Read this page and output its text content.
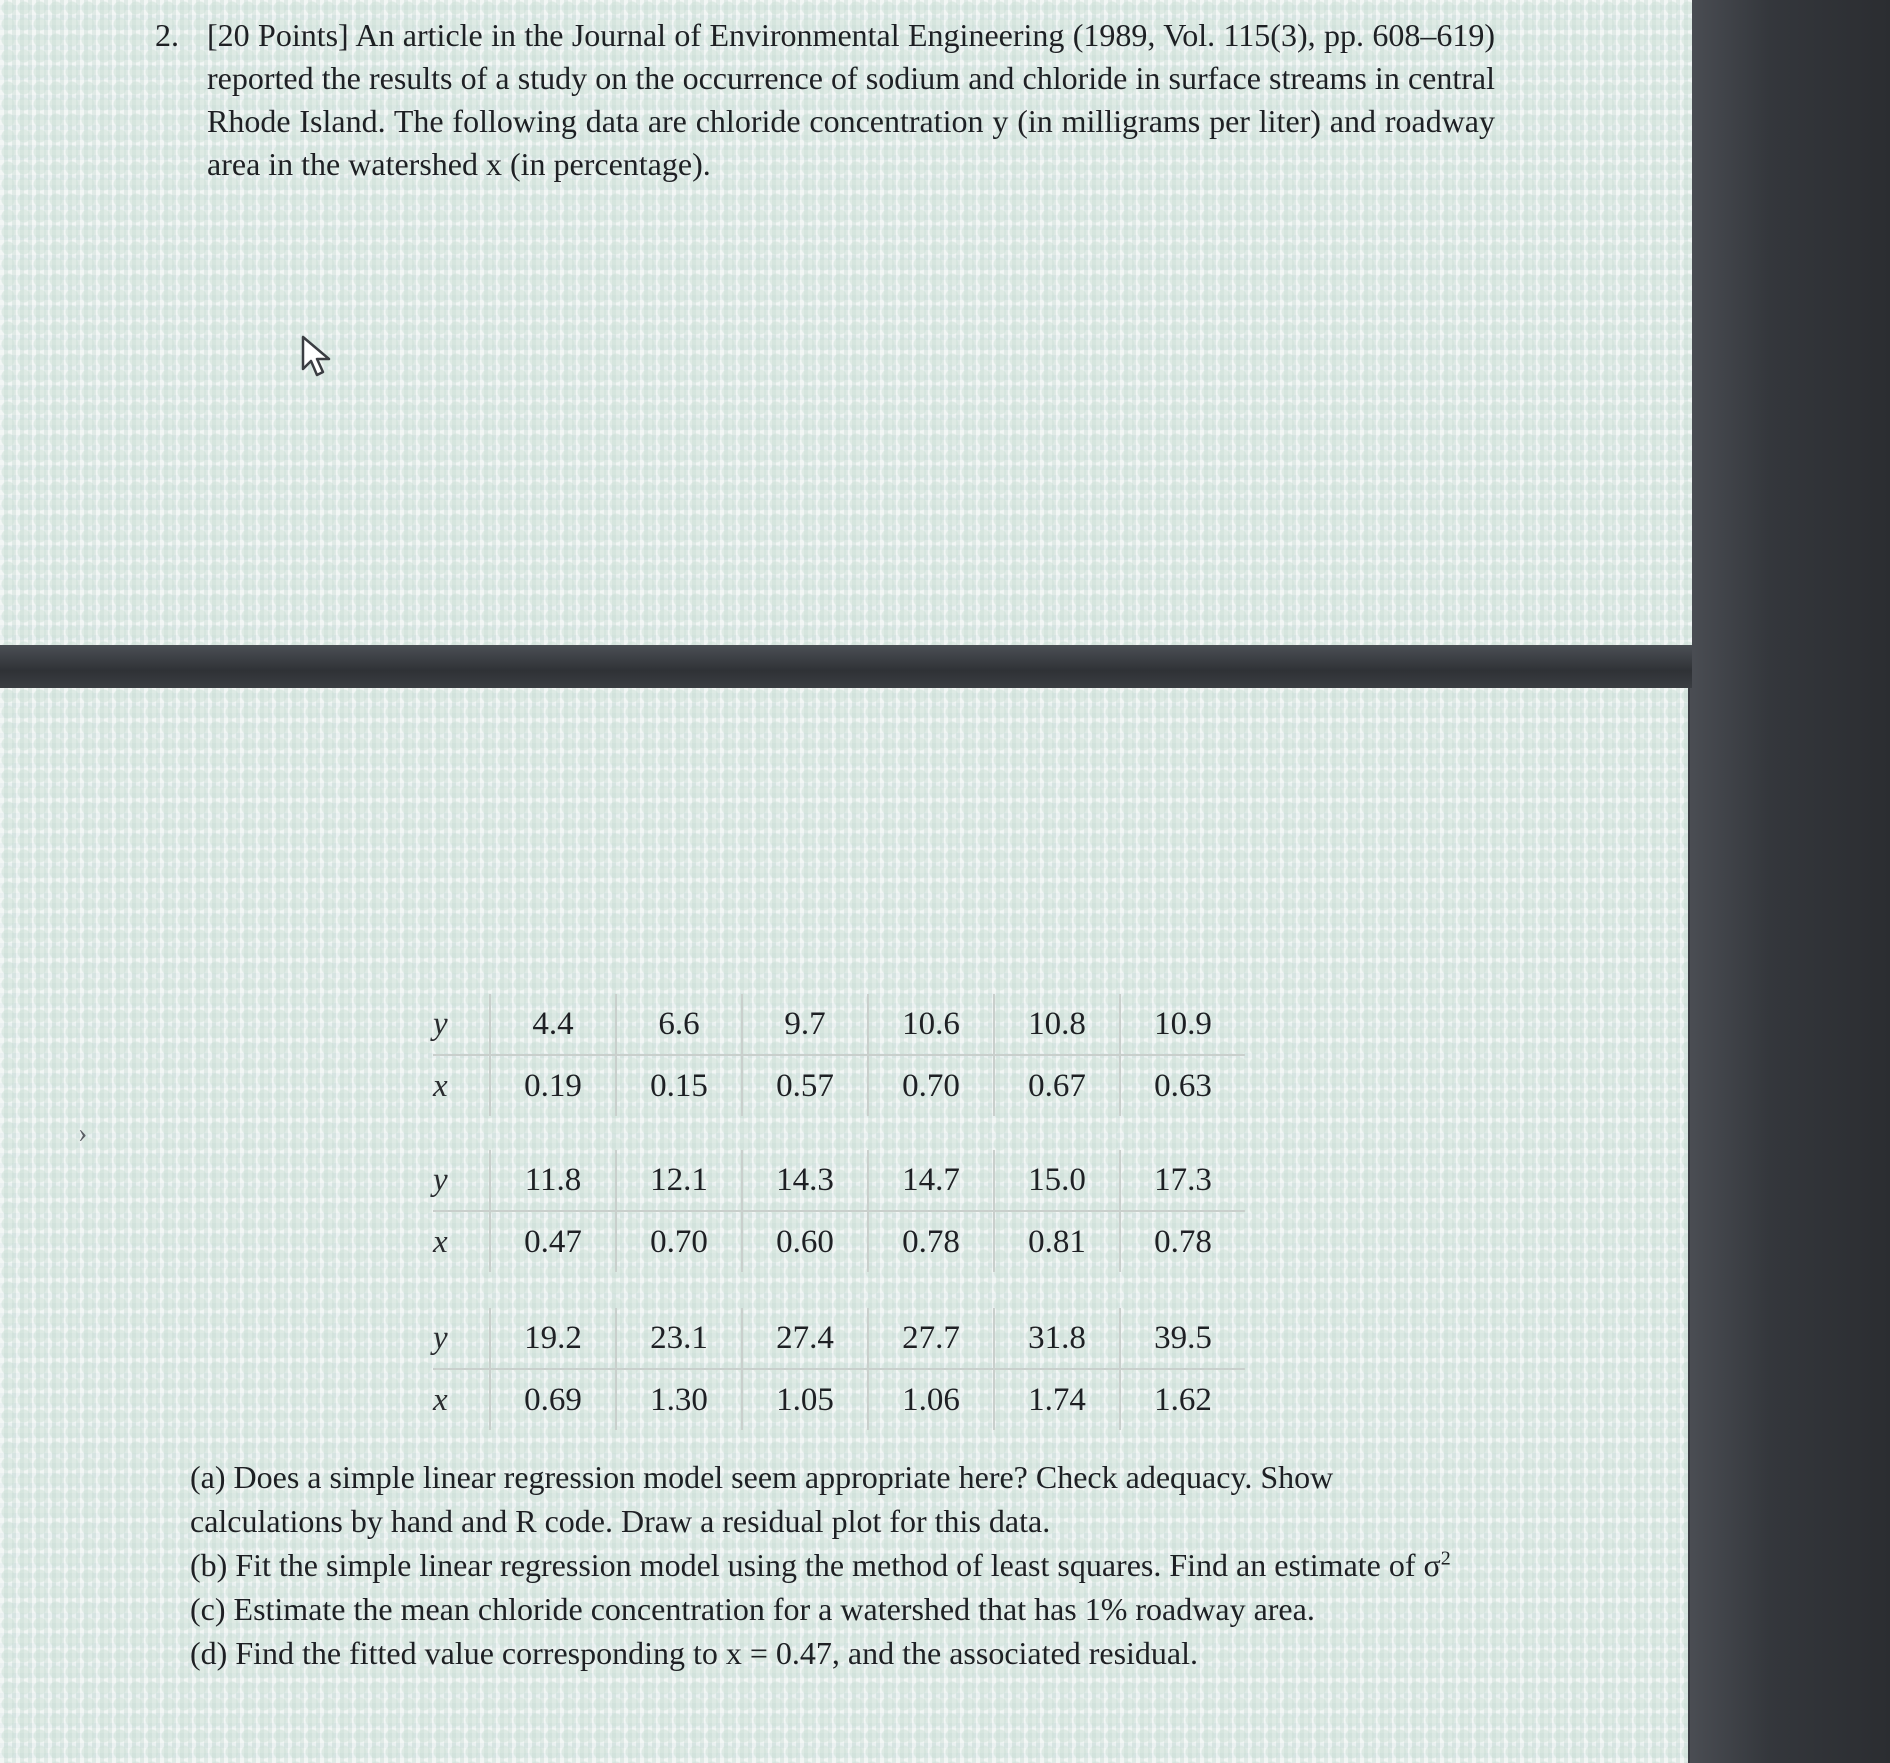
2. [20 Points] An article in the Journal of Environmental Engineering (1989, Vol. 115(3), pp. 608–619) reported the results of a study on the occurrence of sodium and chloride in surface streams in central Rhode Island. The following data are chloride concentration y (in milligrams per liter) and roadway area in the watershed x (in percentage).
›
y	4.4	6.6	9.7	10.6	10.8	10.9
x	0.19	0.15	0.57	0.70	0.67	0.63
y	11.8	12.1	14.3	14.7	15.0	17.3
x	0.47	0.70	0.60	0.78	0.81	0.78
y	19.2	23.1	27.4	27.7	31.8	39.5
x	0.69	1.30	1.05	1.06	1.74	1.62

(a) Does a simple linear regression model seem appropriate here? Check adequacy. Show calculations by hand and R code. Draw a residual plot for this data.

(b) Fit the simple linear regression model using the method of least squares. Find an estimate of $\sigma^2$

(c) Estimate the mean chloride concentration for a watershed that has 1% roadway area.

(d) Find the fitted value corresponding to x = 0.47, and the associated residual.
